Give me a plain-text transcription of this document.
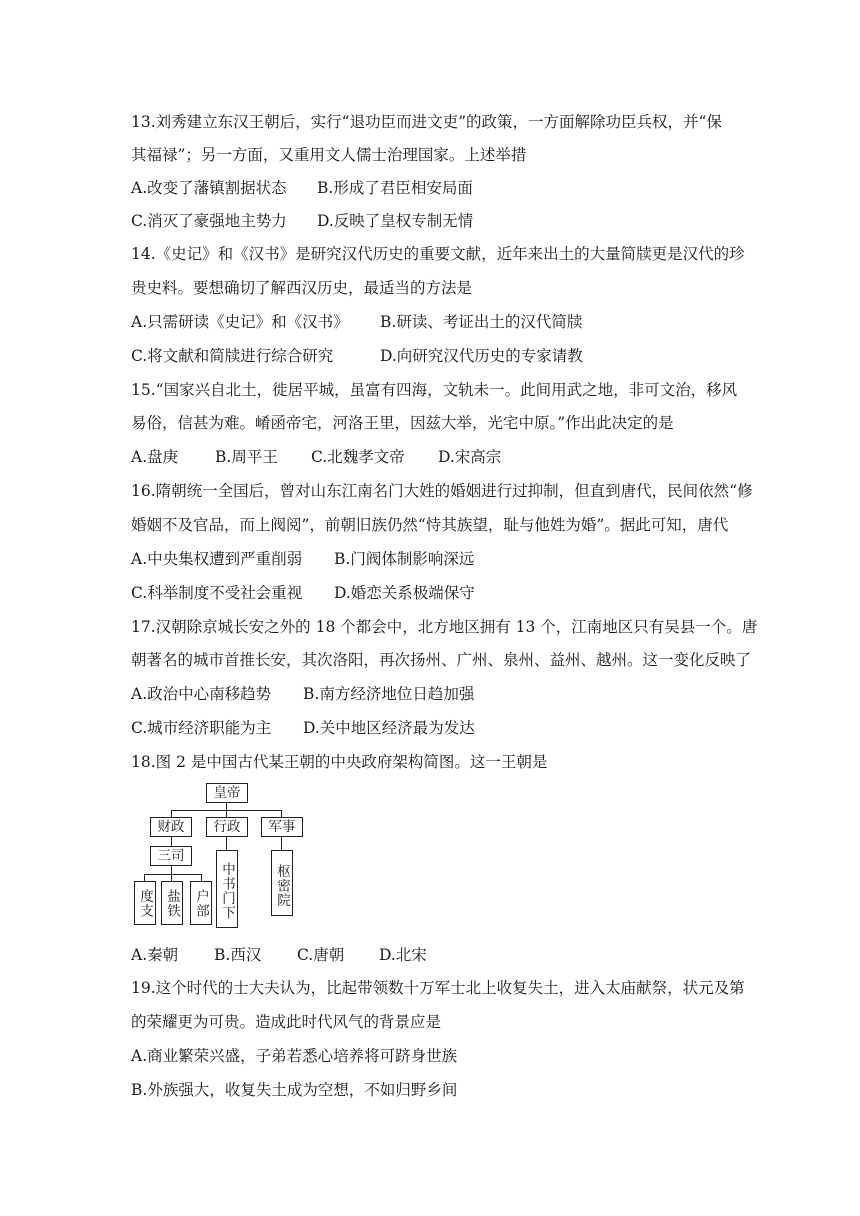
13.刘秀建立东汉王朝后，实行“退功臣而进文吏”的政策，一方面解除功臣兵权，并“保
其福禄”；另一方面，又重用文人儒士治理国家。上述举措
A.改变了藩镇割据状态 B.形成了君臣相安局面
C.消灭了豪强地主势力 D.反映了皇权专制无情
14.《史记》和《汉书》是研究汉代历史的重要文献，近年来出土的大量简牍更是汉代的珍
贵史料。要想确切了解西汉历史，最适当的方法是
A.只需研读《史记》和《汉书》 B.研读、考证出土的汉代简牍
C.将文献和简牍进行综合研究	D.向研究汉代历史的专家请教
15.“国家兴自北土，徙居平城，虽富有四海，文轨未一。此间用武之地，非可文治，移风
易俗，信甚为难。崤函帝宅，河洛王里，因兹大举，光宅中原。”作出此决定的是
A.盘庚 B.周平王 C.北魏孝文帝 D.宋高宗
16.隋朝统一全国后，曾对山东江南名门大姓的婚姻进行过抑制，但直到唐代，民间依然“修
婚姻不及官品，而上阀阅”，前朝旧族仍然“恃其族望，耻与他姓为婚”。据此可知，唐代
A.中央集权遭到严重削弱 B.门阀体制影响深远
C.科举制度不受社会重视 D.婚恋关系极端保守
17.汉朝除京城长安之外的 18 个都会中，北方地区拥有 13 个，江南地区只有吴县一个。唐
朝著名的城市首推长安，其次洛阳，再次扬州、广州、泉州、益州、越州。这一变化反映了
A.政治中心南移趋势 B.南方经济地位日趋加强
C.城市经济职能为主 D.关中地区经济最为发达
18.图 2 是中国古代某王朝的中央政府架构简图。这一王朝是
皇帝
财政	行政	军事
三司
度支 盐铁 户部 中书门下	枢密院
A.秦朝 B.西汉 C.唐朝 D.北宋
19.这个时代的士大夫认为，比起带领数十万军士北上收复失土，进入太庙献祭，状元及第
的荣耀更为可贵。造成此时代风气的背景应是
A.商业繁荣兴盛，子弟若悉心培养将可跻身世族
B.外族强大，收复失土成为空想，不如归野乡间
